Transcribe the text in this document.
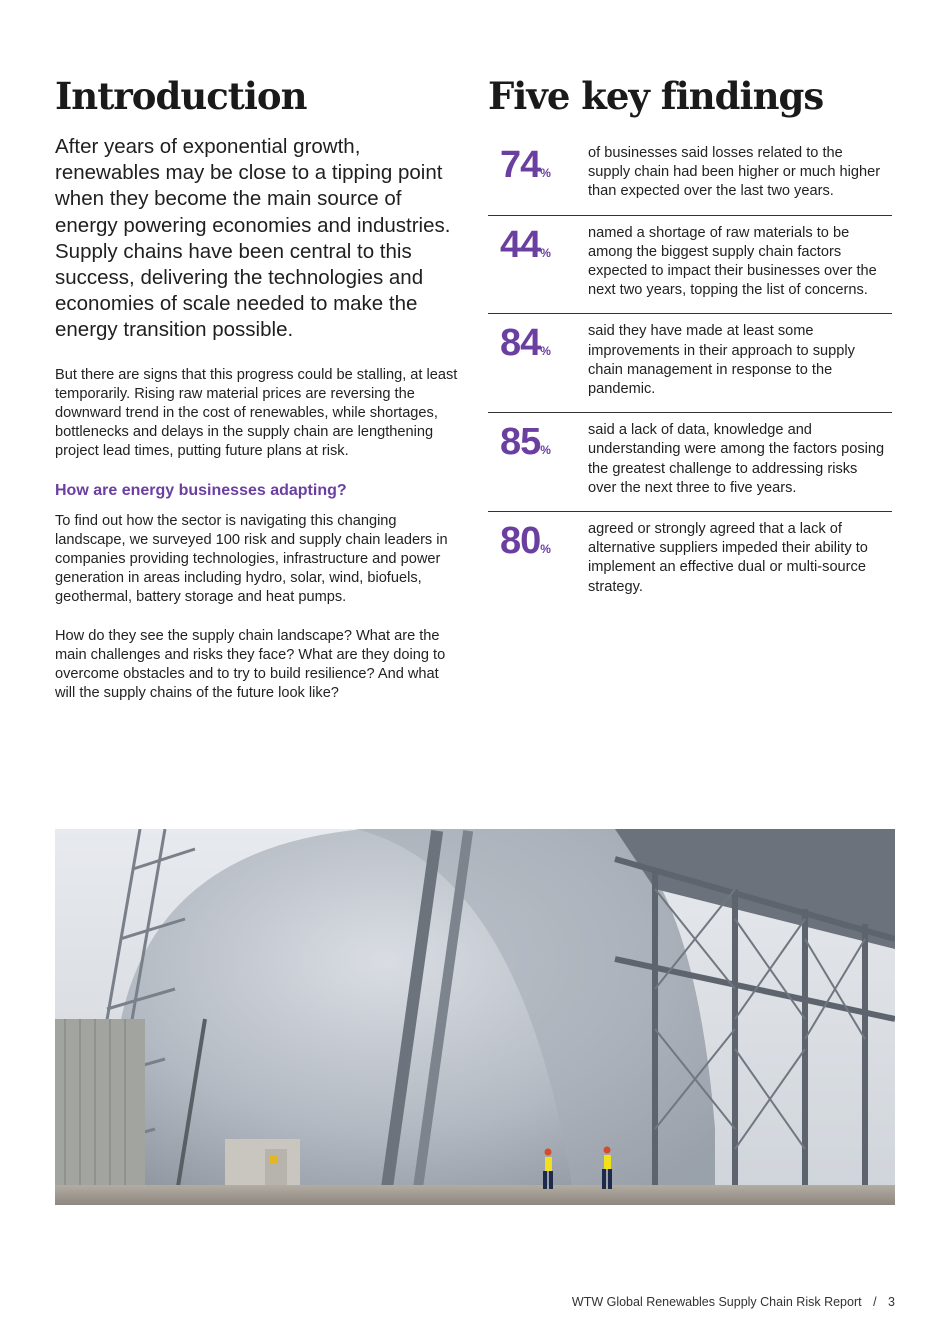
Introduction

After years of exponential growth, renewables may be close to a tipping point when they become the main source of energy powering economies and industries. Supply chains have been central to this success, delivering the technologies and economies of scale needed to make the energy transition possible.

But there are signs that this progress could be stalling, at least temporarily. Rising raw material prices are reversing the downward trend in the cost of renewables, while shortages, bottlenecks and delays in the supply chain are lengthening project lead times, putting future plans at risk.

How are energy businesses adapting?

To find out how the sector is navigating this changing landscape, we surveyed 100 risk and supply chain leaders in companies providing technologies, infrastructure and power generation in areas including hydro, solar, wind, biofuels, geothermal, battery storage and heat pumps.

How do they see the supply chain landscape? What are the main challenges and risks they face? What are they doing to overcome obstacles and to try to build resilience? And what will the supply chains of the future look like?

Five key findings
74%
of businesses said losses related to the supply chain had been higher or much higher than expected over the last two years.
44%
named a shortage of raw materials to be among the biggest supply chain factors expected to impact their businesses over the next two years, topping the list of concerns.
84%
said they have made at least some improvements in their approach to supply chain management in response to the pandemic.
85%
said a lack of data, knowledge and understanding were among the factors posing the greatest challenge to addressing risks over the next three to five years.
80%
agreed or strongly agreed that a lack of alternative suppliers impeded their ability to implement an effective dual or multi-source strategy.
WTW Global Renewables Supply Chain Risk Report / 3
